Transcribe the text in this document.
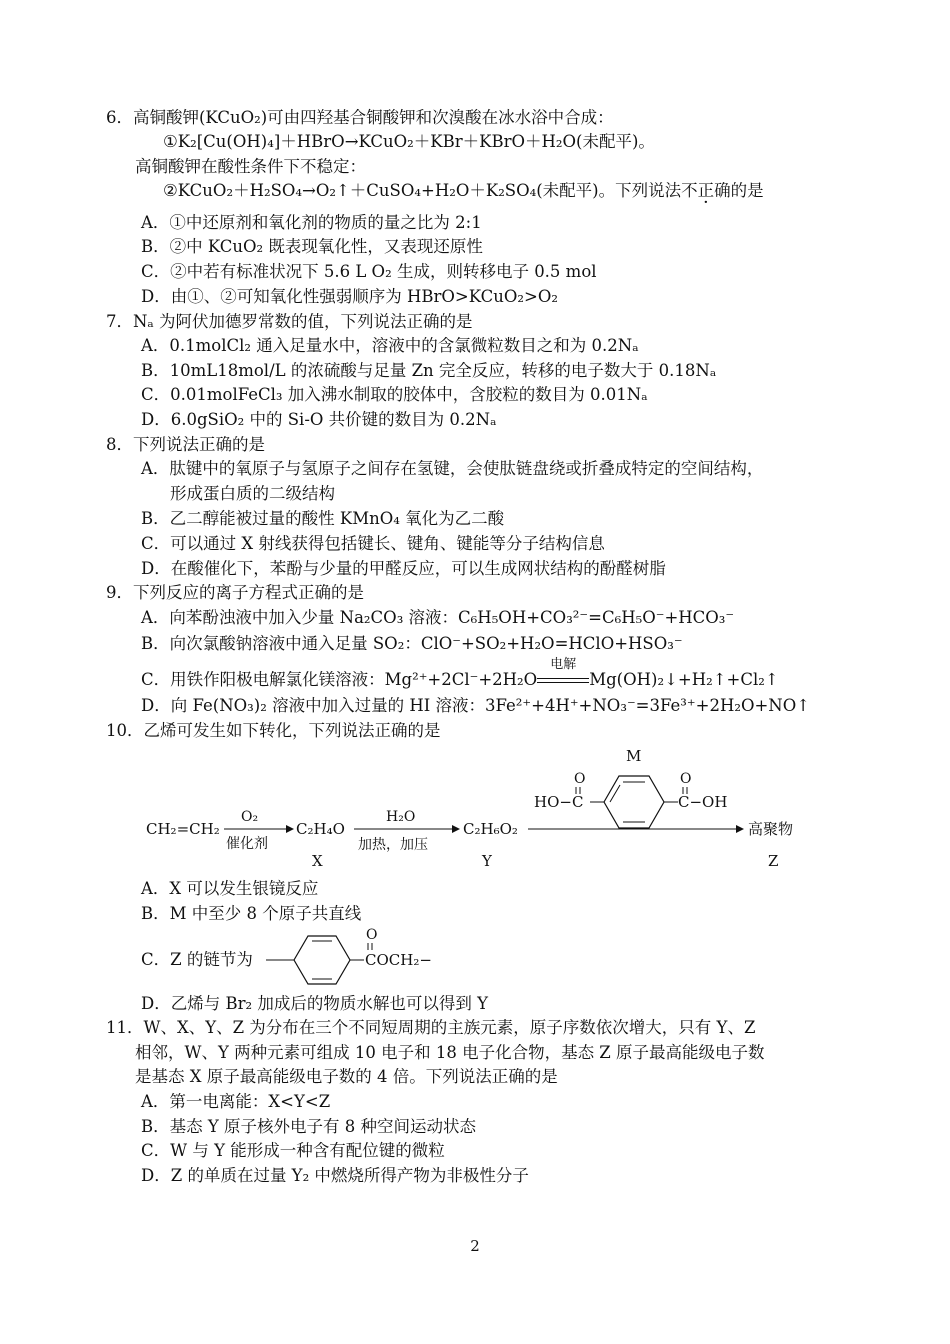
6．高铜酸钾(KCuO₂)可由四羟基合铜酸钾和次溴酸在冰水浴中合成：
①K₂[Cu(OH)₄]＋HBrO→KCuO₂＋KBr＋KBrO＋H₂O(未配平)。
高铜酸钾在酸性条件下不稳定：
②KCuO₂＋H₂SO₄→O₂↑＋CuSO₄+H₂O＋K₂SO₄(未配平)。下列说法不正确的是
A．①中还原剂和氧化剂的物质的量之比为 2:1
B．②中 KCuO₂ 既表现氧化性，又表现还原性
C．②中若有标准状况下 5.6 L O₂ 生成，则转移电子 0.5 mol
D．由①、②可知氧化性强弱顺序为 HBrO>KCuO₂>O₂
7．Nₐ 为阿伏加德罗常数的值，下列说法正确的是
A．0.1molCl₂ 通入足量水中，溶液中的含氯微粒数目之和为 0.2Nₐ
B．10mL18mol/L 的浓硫酸与足量 Zn 完全反应，转移的电子数大于 0.18Nₐ
C．0.01molFeCl₃ 加入沸水制取的胶体中，含胶粒的数目为 0.01Nₐ
D．6.0gSiO₂ 中的 Si-O 共价键的数目为 0.2Nₐ
8．下列说法正确的是
A．肽键中的氧原子与氢原子之间存在氢键，会使肽链盘绕或折叠成特定的空间结构，
形成蛋白质的二级结构
B．乙二醇能被过量的酸性 KMnO₄ 氧化为乙二酸
C．可以通过 X 射线获得包括键长、键角、键能等分子结构信息
D．在酸催化下，苯酚与少量的甲醛反应，可以生成网状结构的酚醛树脂
9．下列反应的离子方程式正确的是
A．向苯酚浊液中加入少量 Na₂CO₃ 溶液：C₆H₅OH+CO₃²⁻=C₆H₅O⁻+HCO₃⁻
B．向次氯酸钠溶液中通入足量 SO₂：ClO⁻+SO₂+H₂O=HClO+HSO₃⁻
C．用铁作阳极电解氯化镁溶液：Mg²⁺+2Cl⁻+2H₂O
电解
Mg(OH)₂↓+H₂↑+Cl₂↑
D．向 Fe(NO₃)₂ 溶液中加入过量的 HI 溶液：3Fe²⁺+4H⁺+NO₃⁻=3Fe³⁺+2H₂O+NO↑
10．乙烯可发生如下转化，下列说法正确的是
CH₂=CH₂
O₂
催化剂
C₂H₄O
X
H₂O
加热，加压
C₂H₆O₂
Y
高聚物
Z
M
HO−C
O
C−OH
O
A．X 可以发生银镜反应
B．M 中至少 8 个原子共直线
C．Z 的链节为
O
COCH₂−
D．乙烯与 Br₂ 加成后的物质水解也可以得到 Y
11．W、X、Y、Z 为分布在三个不同短周期的主族元素，原子序数依次增大，只有 Y、Z
相邻，W、Y 两种元素可组成 10 电子和 18 电子化合物，基态 Z 原子最高能级电子数
是基态 X 原子最高能级电子数的 4 倍。下列说法正确的是
A．第一电离能：X<Y<Z
B．基态 Y 原子核外电子有 8 种空间运动状态
C．W 与 Y 能形成一种含有配位键的微粒
D．Z 的单质在过量 Y₂ 中燃烧所得产物为非极性分子
2
